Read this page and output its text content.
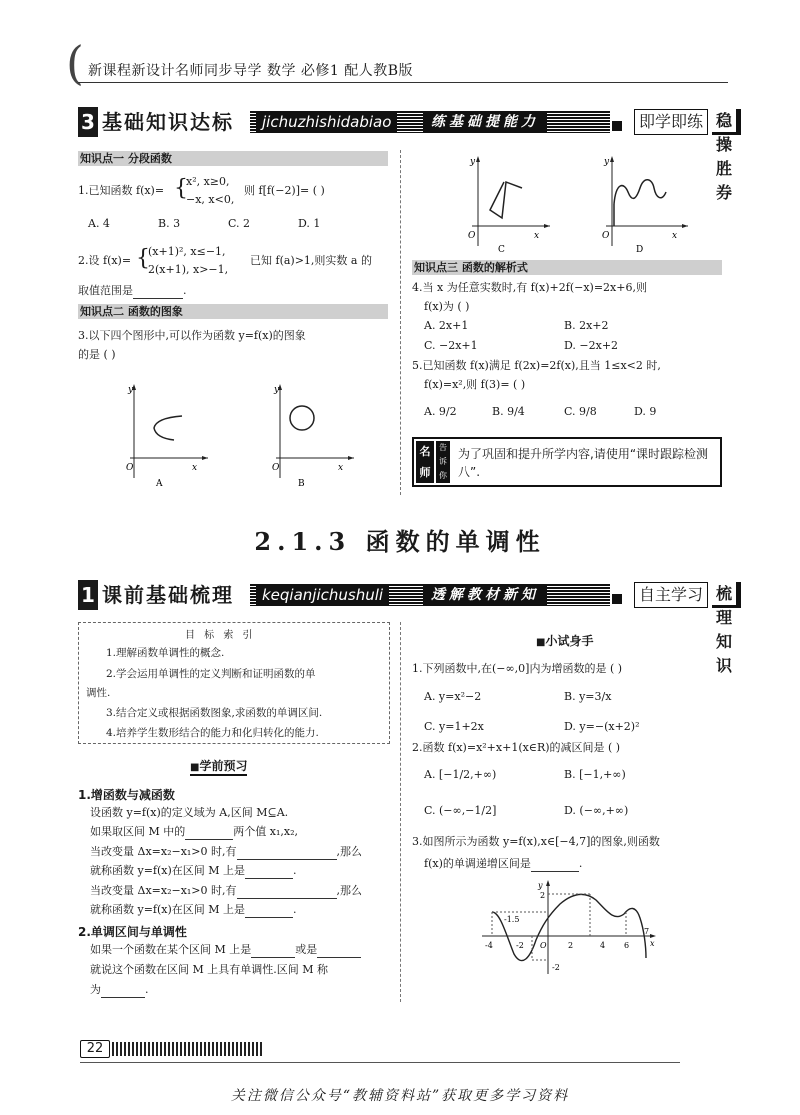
( 新课程新设计名师同步导学 数学 必修1 配人教B版
3 基础知识达标	jichuzhishidabiao	练基础提能力	即学即练 稳操胜券
知识点一 分段函数
1.已知函数 f(x)= {
x², x≥0,
−x, x<0,
则 f[f(−2)]= ( )
A. 4	B. 3	C. 2	D. 1
2.设 f(x)= {
(x+1)², x≤−1,
2(x+1), x>−1,
已知 f(a)>1,则实数 a 的
取值范围是	.
知识点二 函数的图象
3.以下四个图形中,可以作为函数 y=f(x)的图象
的是 ( )
y
x
O
A
y
x
O
B
y
x
O
C
y
x
O
D
知识点三 函数的解析式
4.当 x 为任意实数时,有 f(x)+2f(−x)=2x+6,则
f(x)为 ( )
A. 2x+1	B. 2x+2
C. −2x+1	D. −2x+2
5.已知函数 f(x)满足 f(2x)=2f(x),且当 1≤x<2 时,
f(x)=x²,则 f(3)= ( )
A. 9/2	B. 9/4	C. 9/8	D. 9
名
师
告诉你
为了巩固和提升所学内容,请使用“课时跟踪检测八”.
2.1.3 函数的单调性
1 课前基础梳理	keqianjichushuli	透解教材新知	自主学习 梳理知识
目 标 索 引
1.理解函数单调性的概念.
2.学会运用单调性的定义判断和证明函数的单
调性.
3.结合定义或根据函数图象,求函数的单调区间.
4.培养学生数形结合的能力和化归转化的能力.
■学前预习
1.增函数与减函数
设函数 y=f(x)的定义域为 A,区间 M⊆A.
如果取区间 M 中的	两个值 x₁,x₂,
当改变量 Δx=x₂−x₁>0 时,有	,那么
就称函数 y=f(x)在区间 M 上是	.
当改变量 Δx=x₂−x₁>0 时,有	,那么
就称函数 y=f(x)在区间 M 上是	.
2.单调区间与单调性
如果一个函数在某个区间 M 上是	或是
就说这个函数在区间 M 上具有单调性.区间 M 称
为	.
■小试身手
1.下列函数中,在(−∞,0]内为增函数的是 ( )
A. y=x²−2	B. y=3/x
C. y=1+2x	D. y=−(x+2)²
2.函数 f(x)=x²+x+1(x∈R)的减区间是 ( )
A. [−1/2,+∞)	B. [−1,+∞)
C. (−∞,−1/2]	D. (−∞,+∞)
3.如图所示为函数 y=f(x),x∈[−4,7]的图象,则函数
f(x)的单调递增区间是	.
-4	-2 O	2	4 6
7
-1.5
2
-2
x
y
22
关注微信公众号“教辅资料站”获取更多学习资料
